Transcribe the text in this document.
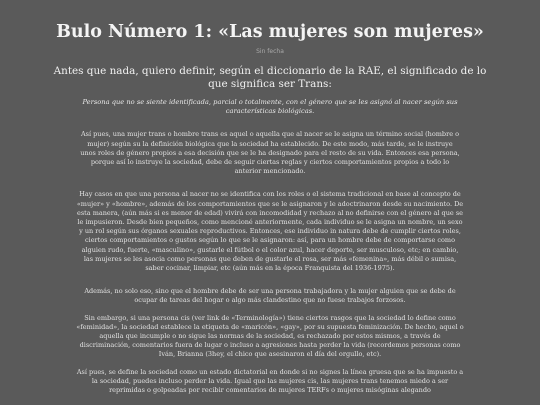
Bulo Número 1: «Las mujeres son mujeres»
Sin fecha
Antes que nada, quiero definir, según el diccionario de la RAE, el significado de lo que significa ser Trans:
Persona que no se siente identificada, parcial o totalmente, con el género que se les asignó al nacer según sus características biológicas.

Así pues, una mujer trans o hombre trans es aquel o aquella que al nacer se le asigna un término social (hombre o mujer) según su la definición biológica que la sociedad ha establecido. De este modo, más tarde, se le instruye unos roles de género propios a esa decisión que se le ha designado para el resto de su vida. Entonces esa persona, porque así lo instruye la sociedad, debe de seguir ciertas reglas y ciertos comportamientos propios a todo lo anterior mencionado.

Hay casos en que una persona al nacer no se identifica con los roles o el sistema tradicional en base al concepto de «mujer» y «hombre», además de los comportamientos que se le asignaron y le adoctrinaron desde su nacimiento. De esta manera, (aún más si es menor de edad) vivirá con incomodidad y rechazo al no definirse con el género al que se le impusieron. Desde bien pequeños, como mencioné anteriormente, cada individuo se le asigna un nombre, un sexo y un rol según sus órganos sexuales reproductivos. Entonces, ese individuo in natura debe de cumplir ciertos roles, ciertos comportamientos o gustos según lo que se le asignaron: así, para un hombre debe de comportarse como alguien rudo, fuerte, «masculino», gustarle el fútbol o el color azul, hacer deporte, ser musculoso, etc; en cambio, las mujeres se les asocia como personas que deben de gustarle el rosa, ser más «femenina», más débil o sumisa, saber cocinar, limpiar, etc (aún más en la época Franquista del 1936-1975).

Además, no solo eso, sino que el hombre debe de ser una persona trabajadora y la mujer alguien que se debe de ocupar de tareas del hogar o algo más clandestino que no fuese trabajos forzosos.

Sin embargo, si una persona cis (ver link de «Terminología») tiene ciertos rasgos que la sociedad lo define como «feminidad», la sociedad establece la etiqueta de «maricón», «gay», por su supuesta feminización. De hecho, aquel o aquella que incumple o no sigue las normas de la sociedad, es rechazado por estos mismos, a través de discriminación, comentarios fuera de lugar o incluso a agresiones hasta perder la vida (recordemos personas como Iván, Brianna (3hey, el chico que asesinaron el día del orgullo, etc).

Así pues, se define la sociedad como un estado dictatorial en donde si no signes la línea gruesa que se ha impuesto a la sociedad, puedes incluso perder la vida. Igual que las mujeres cis, las mujeres trans tenemos miedo a ser reprimidas o golpeadas por recibir comentarios de mujeres TERFs o mujeres misóginas alegando
